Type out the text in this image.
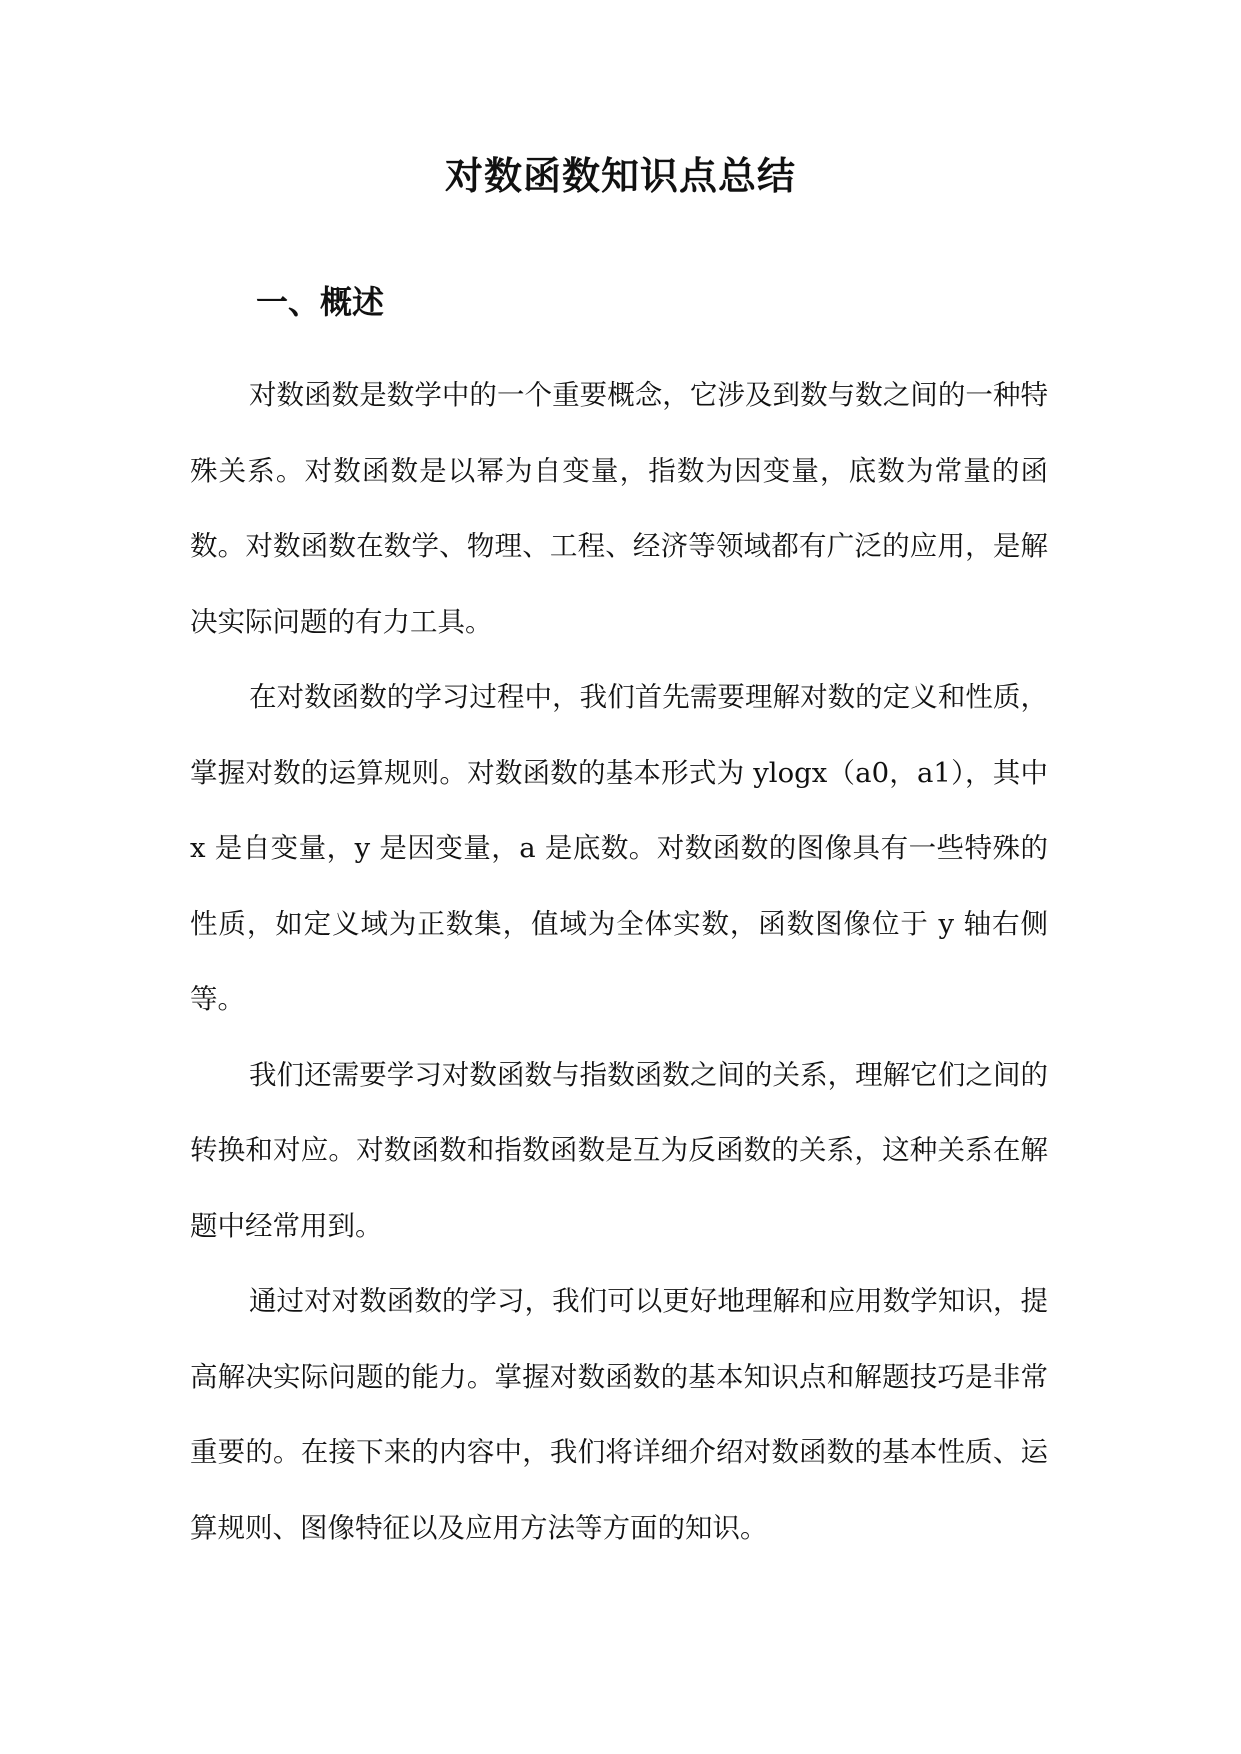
对数函数知识点总结
一、概述

对数函数是数学中的一个重要概念，它涉及到数与数之间的一种特殊关系。对数函数是以幂为自变量，指数为因变量，底数为常量的函数。对数函数在数学、物理、工程、经济等领域都有广泛的应用，是解决实际问题的有力工具。

在对数函数的学习过程中，我们首先需要理解对数的定义和性质，掌握对数的运算规则。对数函数的基本形式为 ylogx（a0，a1），其中 x 是自变量，y 是因变量，a 是底数。对数函数的图像具有一些特殊的性质，如定义域为正数集，值域为全体实数，函数图像位于 y 轴右侧等。

我们还需要学习对数函数与指数函数之间的关系，理解它们之间的转换和对应。对数函数和指数函数是互为反函数的关系，这种关系在解题中经常用到。

通过对对数函数的学习，我们可以更好地理解和应用数学知识，提高解决实际问题的能力。掌握对数函数的基本知识点和解题技巧是非常重要的。在接下来的内容中，我们将详细介绍对数函数的基本性质、运算规则、图像特征以及应用方法等方面的知识。
